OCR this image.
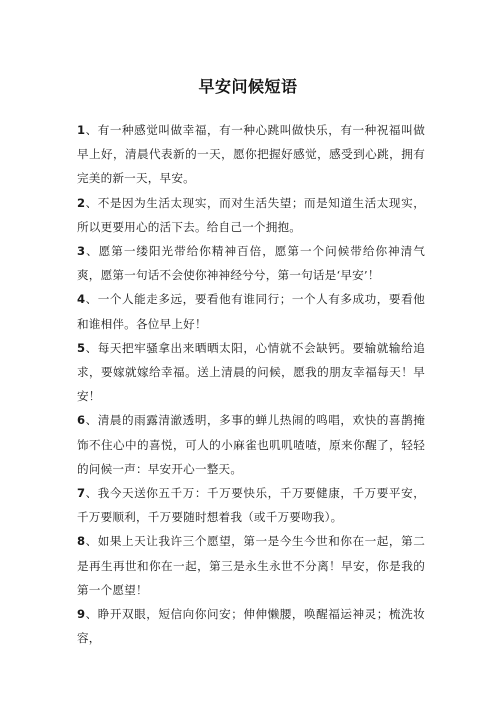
早安问候短语

1、有一种感觉叫做幸福，有一种心跳叫做快乐，有一种祝福叫做早上好，清晨代表新的一天，愿你把握好感觉，感受到心跳，拥有完美的新一天，早安。

2、不是因为生活太现实，而对生活失望；而是知道生活太现实，所以更要用心的活下去。给自己一个拥抱。

3、愿第一缕阳光带给你精神百倍，愿第一个问候带给你神清气爽，愿第一句话不会使你神神经兮兮，第一句话是‘早安’！

4、一个人能走多远，要看他有谁同行；一个人有多成功，要看他和谁相伴。各位早上好！

5、每天把牢骚拿出来晒晒太阳，心情就不会缺钙。要输就输给追求，要嫁就嫁给幸福。送上清晨的问候，愿我的朋友幸福每天！早安！

6、清晨的雨露清澈透明，多事的蝉儿热闹的鸣唱，欢快的喜鹊掩饰不住心中的喜悦，可人的小麻雀也叽叽喳喳，原来你醒了，轻轻的问候一声：早安开心一整天。

7、我今天送你五千万：千万要快乐，千万要健康，千万要平安，千万要顺利，千万要随时想着我（或千万要吻我）。

8、如果上天让我许三个愿望，第一是今生今世和你在一起，第二是再生再世和你在一起，第三是永生永世不分离！早安，你是我的第一个愿望！

9、睁开双眼，短信向你问安；伸伸懒腰，唤醒福运神灵；梳洗妆容，
